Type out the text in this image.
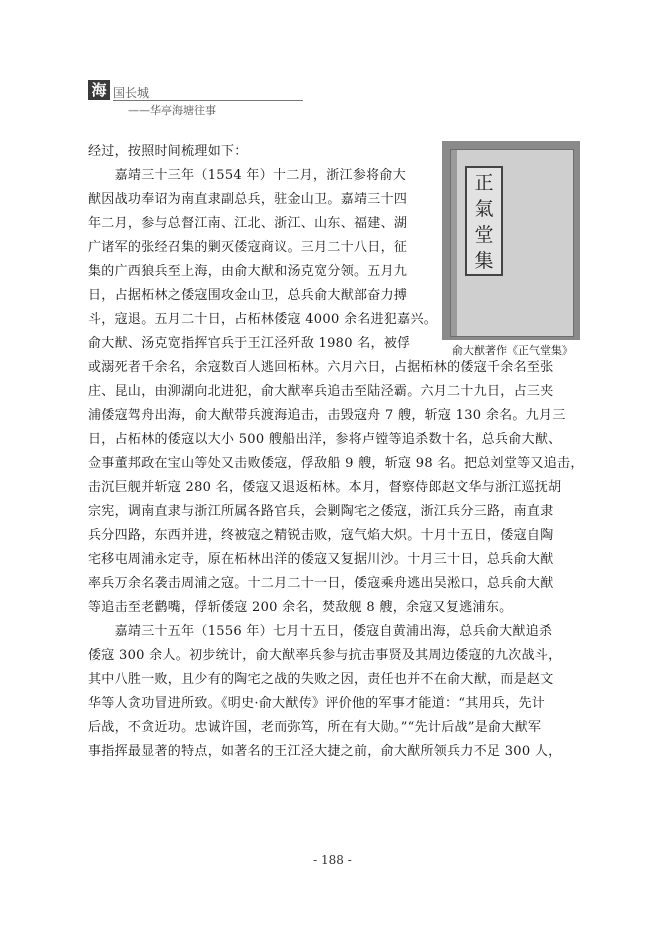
海 国长城
——华亭海塘往事
正
氣
堂
集
俞大猷著作《正气堂集》
经过，按照时间梳理如下：
　　嘉靖三十三年（1554 年）十二月，浙江参将俞大
猷因战功奉诏为南直隶副总兵，驻金山卫。嘉靖三十四
年二月，参与总督江南、江北、浙江、山东、福建、湖
广诸军的张经召集的剿灭倭寇商议。三月二十八日，征
集的广西狼兵至上海，由俞大猷和汤克宽分领。五月九
日，占据柘林之倭寇围攻金山卫，总兵俞大猷部奋力搏
斗，寇退。五月二十日，占柘林倭寇 4000 余名进犯嘉兴。
俞大猷、汤克宽指挥官兵于王江泾歼敌 1980 名，被俘
或溺死者千余名，余寇数百人逃回柘林。六月六日，占据柘林的倭寇千余名至张
庄、昆山，由泖湖向北进犯，俞大猷率兵追击至陆泾霸。六月二十九日，占三夹
浦倭寇驾舟出海，俞大猷带兵渡海追击，击毁寇舟 7 艘，斩寇 130 余名。九月三
日，占柘林的倭寇以大小 500 艘船出洋，参将卢镗等追杀数十名，总兵俞大猷、
佥事董邦政在宝山等处又击败倭寇，俘敌船 9 艘，斩寇 98 名。把总刘堂等又追击，
击沉巨舰并斩寇 280 名，倭寇又退返柘林。本月，督察侍郎赵文华与浙江巡抚胡
宗宪，调南直隶与浙江所属各路官兵，会剿陶宅之倭寇，浙江兵分三路，南直隶
兵分四路，东西并进，终被寇之精锐击败，寇气焰大炽。十月十五日，倭寇自陶
宅移屯周浦永定寺，原在柘林出洋的倭寇又复据川沙。十月三十日，总兵俞大猷
率兵万余名袭击周浦之寇。十二月二十一日，倭寇乘舟逃出吴淞口，总兵俞大猷
等追击至老鹳嘴，俘斩倭寇 200 余名，焚敌舰 8 艘，余寇又复逃浦东。
　　嘉靖三十五年（1556 年）七月十五日，倭寇自黄浦出海，总兵俞大猷追杀
倭寇 300 余人。初步统计，俞大猷率兵参与抗击事贤及其周边倭寇的九次战斗，
其中八胜一败，且少有的陶宅之战的失败之因，责任也并不在俞大猷，而是赵文
华等人贪功冒进所致。《明史·俞大猷传》评价他的军事才能道：“其用兵，先计
后战，不贪近功。忠诚许国，老而弥笃，所在有大勋。”“先计后战”是俞大猷军
事指挥最显著的特点，如著名的王江泾大捷之前，俞大猷所领兵力不足 300 人，
- 188 -
